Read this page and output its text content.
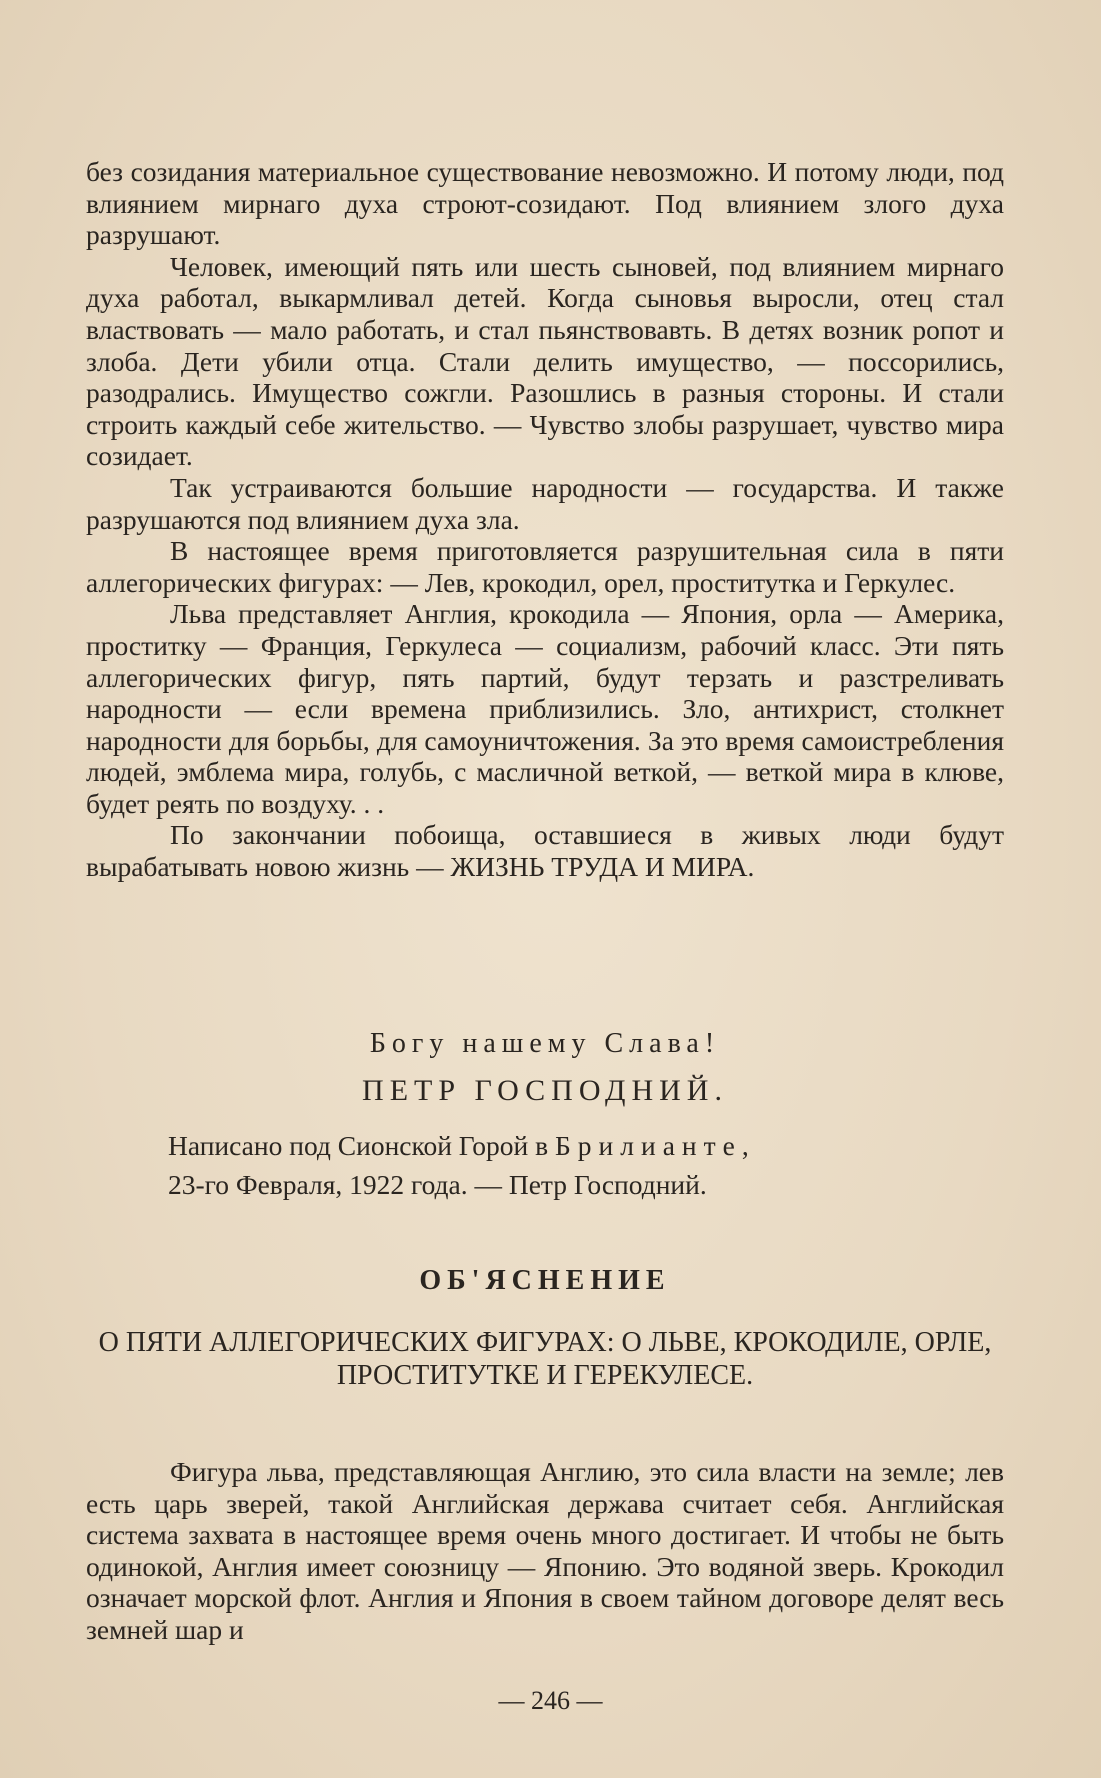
без созидания материальное существование невозможно. И потому люди, под влиянием мирнаго духа строют-созидают. Под влиянием злого духа разрушают.

Человек, имеющий пять или шесть сыновей, под влиянием мирнаго духа работал, выкармливал детей. Когда сыновья выросли, отец стал властвовать — мало работать, и стал пьянствовавть. В детях возник ропот и злоба. Дети убили отца. Стали делить имущество, — поссорились, разодрались. Имущество сожгли. Разошлись в разныя стороны. И стали строить каждый себе жительство. — Чувство злобы разрушает, чувство мира созидает.

Так устраиваются большие народности — государства. И также разрушаются под влиянием духа зла.

В настоящее время приготовляется разрушительная сила в пяти аллегорических фигурах: — Лев, крокодил, орел, проститутка и Геркулес.

Льва представляет Англия, крокодила — Япония, орла — Америка, проститку — Франция, Геркулеса — социализм, рабочий класс. Эти пять аллегорических фигур, пять партий, будут терзать и разстреливать народности — если времена приблизились. Зло, антихрист, столкнет народности для борьбы, для самоуничтожения. За это время самоистребления людей, эмблема мира, голубь, с масличной веткой, — веткой мира в клюве, будет реять по воздуху. . .

По закончании побоища, оставшиеся в живых люди будут вырабатывать новою жизнь — ЖИЗНЬ ТРУДА И МИРА.

Богу нашему Слава!
ПЕТР ГОСПОДНИЙ.
Написано под Сионской Горой в Брилианте,
23-го Февраля, 1922 года. — Петр Господний.
ОБ'ЯСНЕНИЕ
О ПЯТИ АЛЛЕГОРИЧЕСКИХ ФИГУРАХ: О ЛЬВЕ, КРОКОДИЛЕ, ОРЛЕ, ПРОСТИТУТКЕ И ГЕРЕКУЛЕСЕ.

Фигура льва, представляющая Англию, это сила власти на земле; лев есть царь зверей, такой Английская держава считает себя. Английская система захвата в настоящее время очень много достигает. И чтобы не быть одинокой, Англия имеет союзницу — Японию. Это водяной зверь. Крокодил означает морской флот. Англия и Япония в своем тайном договоре делят весь земней шар и

— 246 —
